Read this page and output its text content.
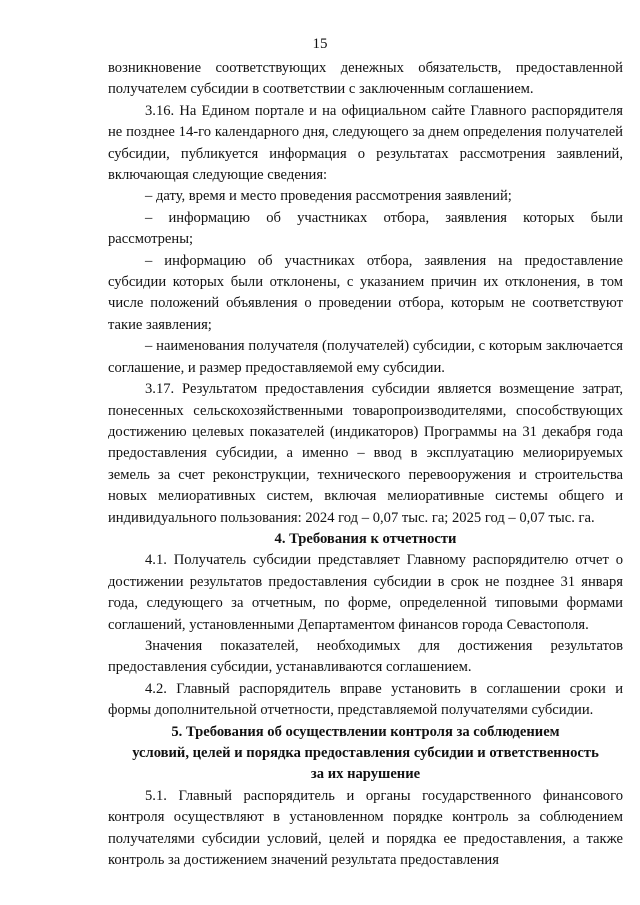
15

возникновение соответствующих денежных обязательств, предоставленной получателем субсидии в соответствии с заключенным соглашением.

3.16. На Едином портале и на официальном сайте Главного распорядителя не позднее 14-го календарного дня, следующего за днем определения получателей субсидии, публикуется информация о результатах рассмотрения заявлений, включающая следующие сведения:

– дату, время и место проведения рассмотрения заявлений;

– информацию об участниках отбора, заявления которых были рассмотрены;

– информацию об участниках отбора, заявления на предоставление субсидии которых были отклонены, с указанием причин их отклонения, в том числе положений объявления о проведении отбора, которым не соответствуют такие заявления;

– наименования получателя (получателей) субсидии, с которым заключается соглашение, и размер предоставляемой ему субсидии.

3.17. Результатом предоставления субсидии является возмещение затрат, понесенных сельскохозяйственными товаропроизводителями, способствующих достижению целевых показателей (индикаторов) Программы на 31 декабря года предоставления субсидии, а именно – ввод в эксплуатацию мелиорируемых земель за счет реконструкции, технического перевооружения и строительства новых мелиоративных систем, включая мелиоративные системы общего и индивидуального пользования: 2024 год – 0,07 тыс. га; 2025 год – 0,07 тыс. га.

4. Требования к отчетности

4.1. Получатель субсидии представляет Главному распорядителю отчет о достижении результатов предоставления субсидии в срок не позднее 31 января года, следующего за отчетным, по форме, определенной типовыми формами соглашений, установленными Департаментом финансов города Севастополя.

Значения показателей, необходимых для достижения результатов предоставления субсидии, устанавливаются соглашением.

4.2. Главный распорядитель вправе установить в соглашении сроки и формы дополнительной отчетности, представляемой получателями субсидии.

5. Требования об осуществлении контроля за соблюдением
условий, целей и порядка предоставления субсидии и ответственность
за их нарушение

5.1. Главный распорядитель и органы государственного финансового контроля осуществляют в установленном порядке контроль за соблюдением получателями субсидии условий, целей и порядка ее предоставления, а также контроль за достижением значений результата предоставления
